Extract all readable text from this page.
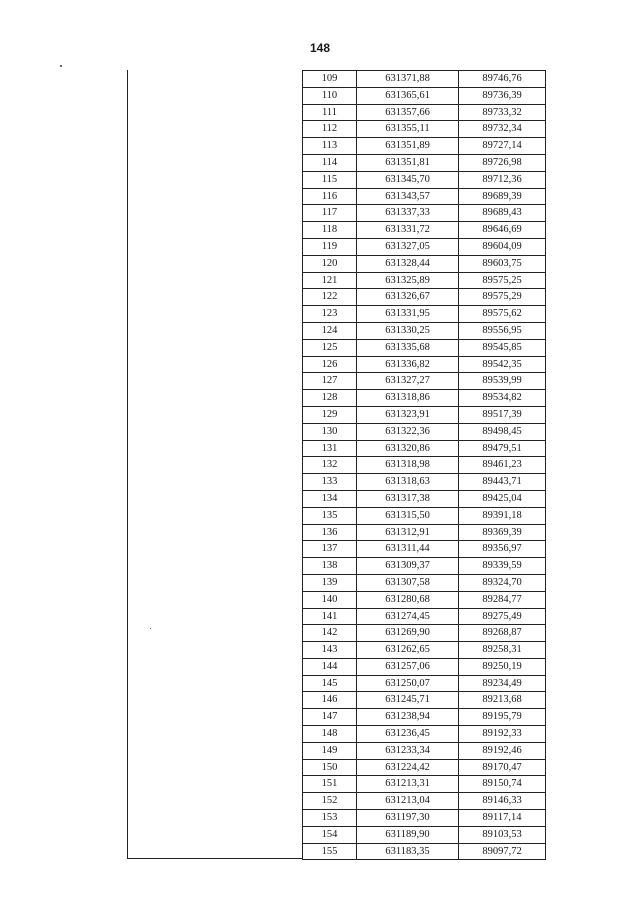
148
109	631371,88	89746,76
110	631365,61	89736,39
111	631357,66	89733,32
112	631355,11	89732,34
113	631351,89	89727,14
114	631351,81	89726,98
115	631345,70	89712,36
116	631343,57	89689,39
117	631337,33	89689,43
118	631331,72	89646,69
119	631327,05	89604,09
120	631328,44	89603,75
121	631325,89	89575,25
122	631326,67	89575,29
123	631331,95	89575,62
124	631330,25	89556,95
125	631335,68	89545,85
126	631336,82	89542,35
127	631327,27	89539,99
128	631318,86	89534,82
129	631323,91	89517,39
130	631322,36	89498,45
131	631320,86	89479,51
132	631318,98	89461,23
133	631318,63	89443,71
134	631317,38	89425,04
135	631315,50	89391,18
136	631312,91	89369,39
137	631311,44	89356,97
138	631309,37	89339,59
139	631307,58	89324,70
140	631280,68	89284,77
141	631274,45	89275,49
142	631269,90	89268,87
143	631262,65	89258,31
144	631257,06	89250,19
145	631250,07	89234,49
146	631245,71	89213,68
147	631238,94	89195,79
148	631236,45	89192,33
149	631233,34	89192,46
150	631224,42	89170,47
151	631213,31	89150,74
152	631213,04	89146,33
153	631197,30	89117,14
154	631189,90	89103,53
155	631183,35	89097,72
